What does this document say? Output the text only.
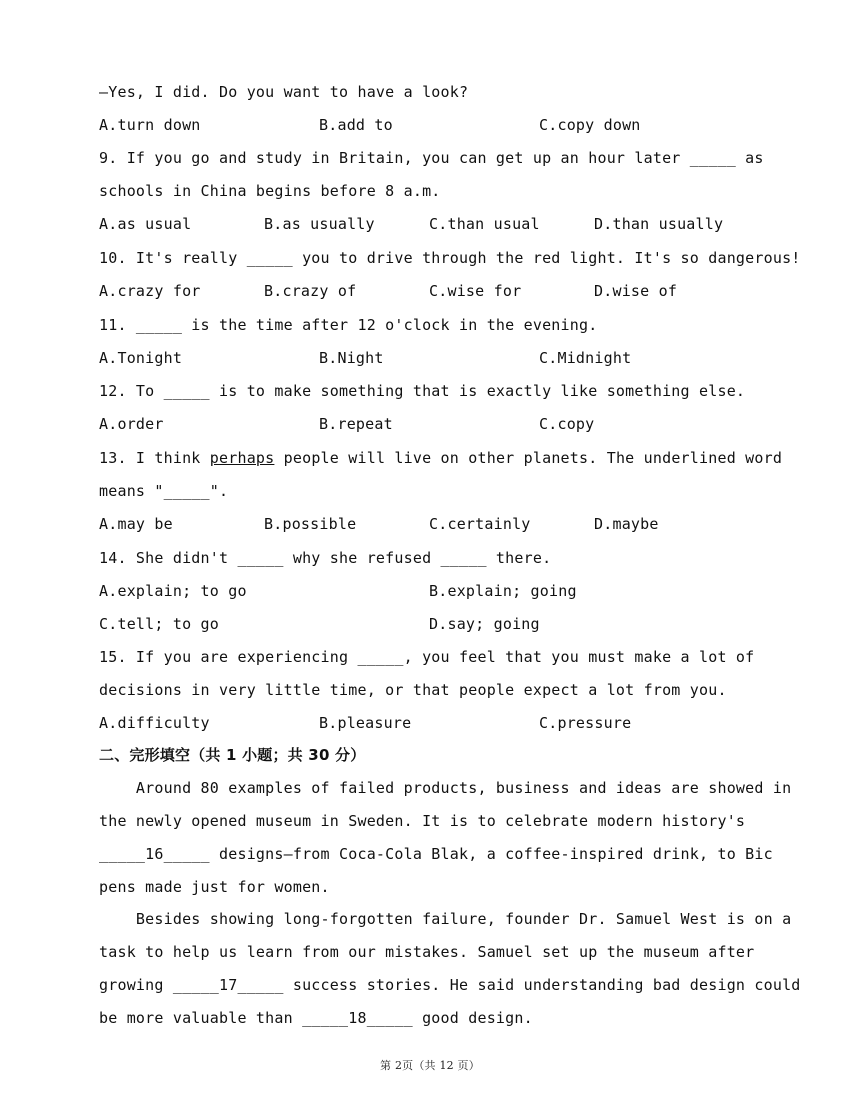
—Yes, I did. Do you want to have a look?
A.turn down	B.add to	C.copy down
9. If you go and study in Britain, you can get up an hour later _____ as
schools in China begins before 8 a.m.
A.as usual	B.as usually	C.than usual	D.than usually
10. It's really _____ you to drive through the red light. It's so dangerous!
A.crazy for	B.crazy of	C.wise for	D.wise of
11. _____ is the time after 12 o'clock in the evening.
A.Tonight	B.Night	C.Midnight
12. To _____ is to make something that is exactly like something else.
A.order	B.repeat	C.copy
13. I think perhaps people will live on other planets. The underlined word
means "_____".
A.may be	B.possible	C.certainly	D.maybe
14. She didn't _____ why she refused _____ there.
A.explain; to go	B.explain; going
C.tell; to go	D.say; going
15. If you are experiencing _____, you feel that you must make a lot of
decisions in very little time, or that people expect a lot from you.
A.difficulty	B.pleasure	C.pressure
二、完形填空（共 1 小题；共 30 分）
Around 80 examples of failed products, business and ideas are showed in
the newly opened museum in Sweden. It is to celebrate modern history's
_____16_____ designs—from Coca-Cola Blak, a coffee-inspired drink, to Bic
pens made just for women.
Besides showing long-forgotten failure, founder Dr. Samuel West is on a
task to help us learn from our mistakes. Samuel set up the museum after
growing _____17_____ success stories. He said understanding bad design could
be more valuable than _____18_____ good design.
第 2页（共 12 页）
